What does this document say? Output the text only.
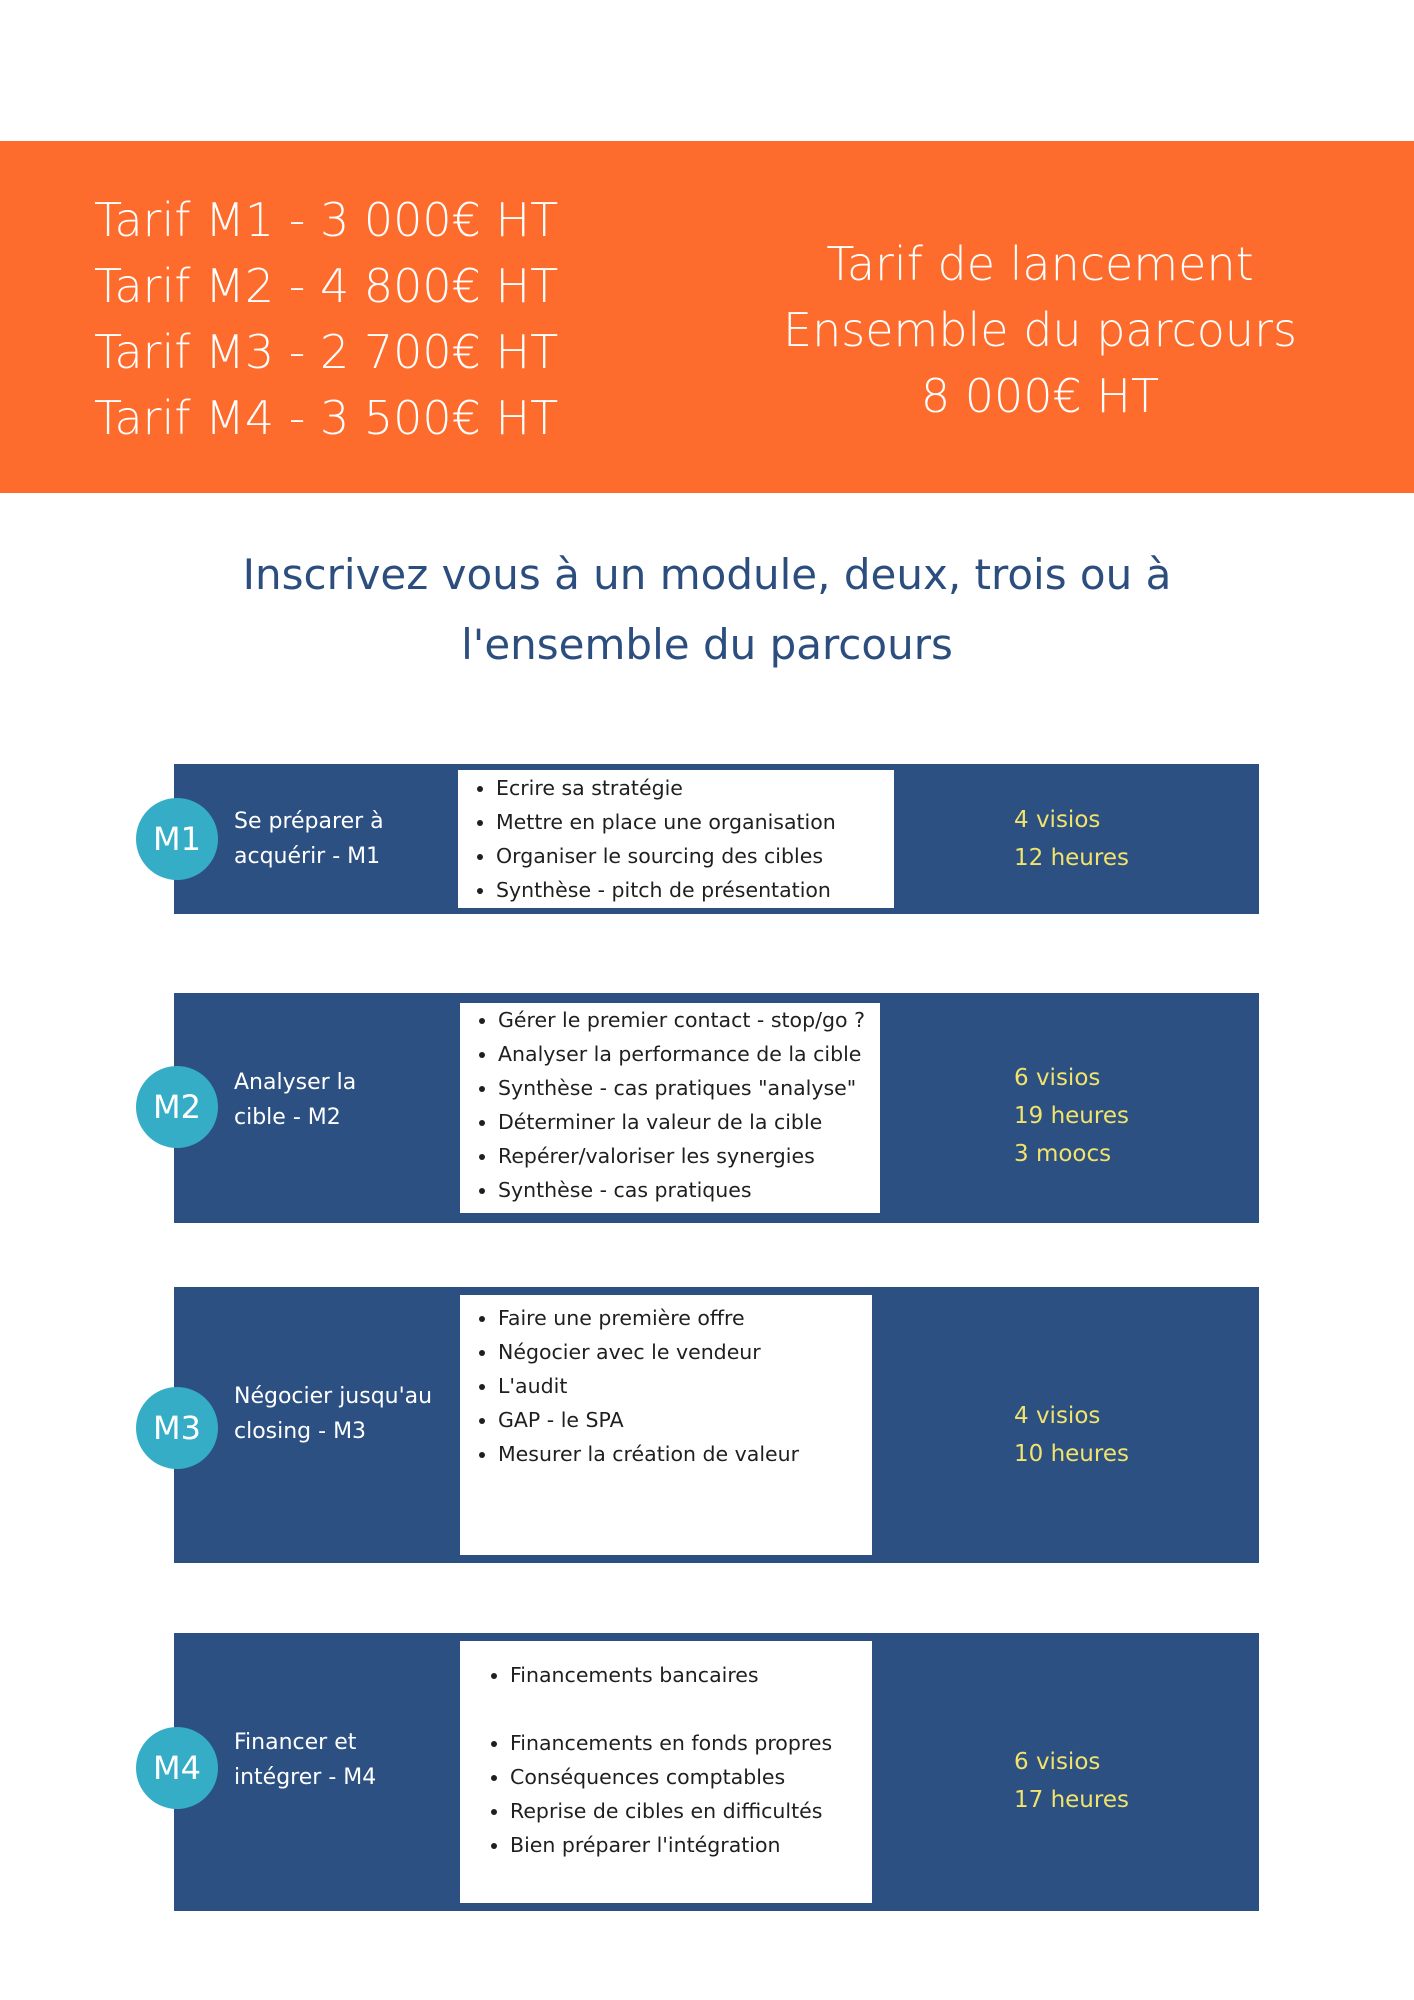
Tarif M1 - 3 000€ HT
Tarif M2 - 4 800€ HT
Tarif M3 - 2 700€ HT
Tarif M4 - 3 500€ HT
Tarif de lancement
Ensemble du parcours
8 000€ HT
Inscrivez vous à un module, deux, trois ou à
l'ensemble du parcours
M1	Se préparer à
acquérir - M1
• Ecrire sa stratégie
• Mettre en place une organisation
• Organiser le sourcing des cibles
• Synthèse - pitch de présentation
4 visios
12 heures
M2
Analyser la
cible - M2
• Gérer le premier contact - stop/go ?
• Analyser la performance de la cible
• Synthèse - cas pratiques "analyse"
• Déterminer la valeur de la cible
• Repérer/valoriser les synergies
• Synthèse - cas pratiques
6 visios
19 heures
3 moocs
M3
Négocier jusqu'au
closing - M3
• Faire une première offre
• Négocier avec le vendeur
• L'audit
• GAP - le SPA
• Mesurer la création de valeur
4 visios
10 heures
M4
Financer et
intégrer - M4
• Financements bancaires
• Financements en fonds propres
• Conséquences comptables
• Reprise de cibles en difficultés
• Bien préparer l'intégration
6 visios
17 heures
